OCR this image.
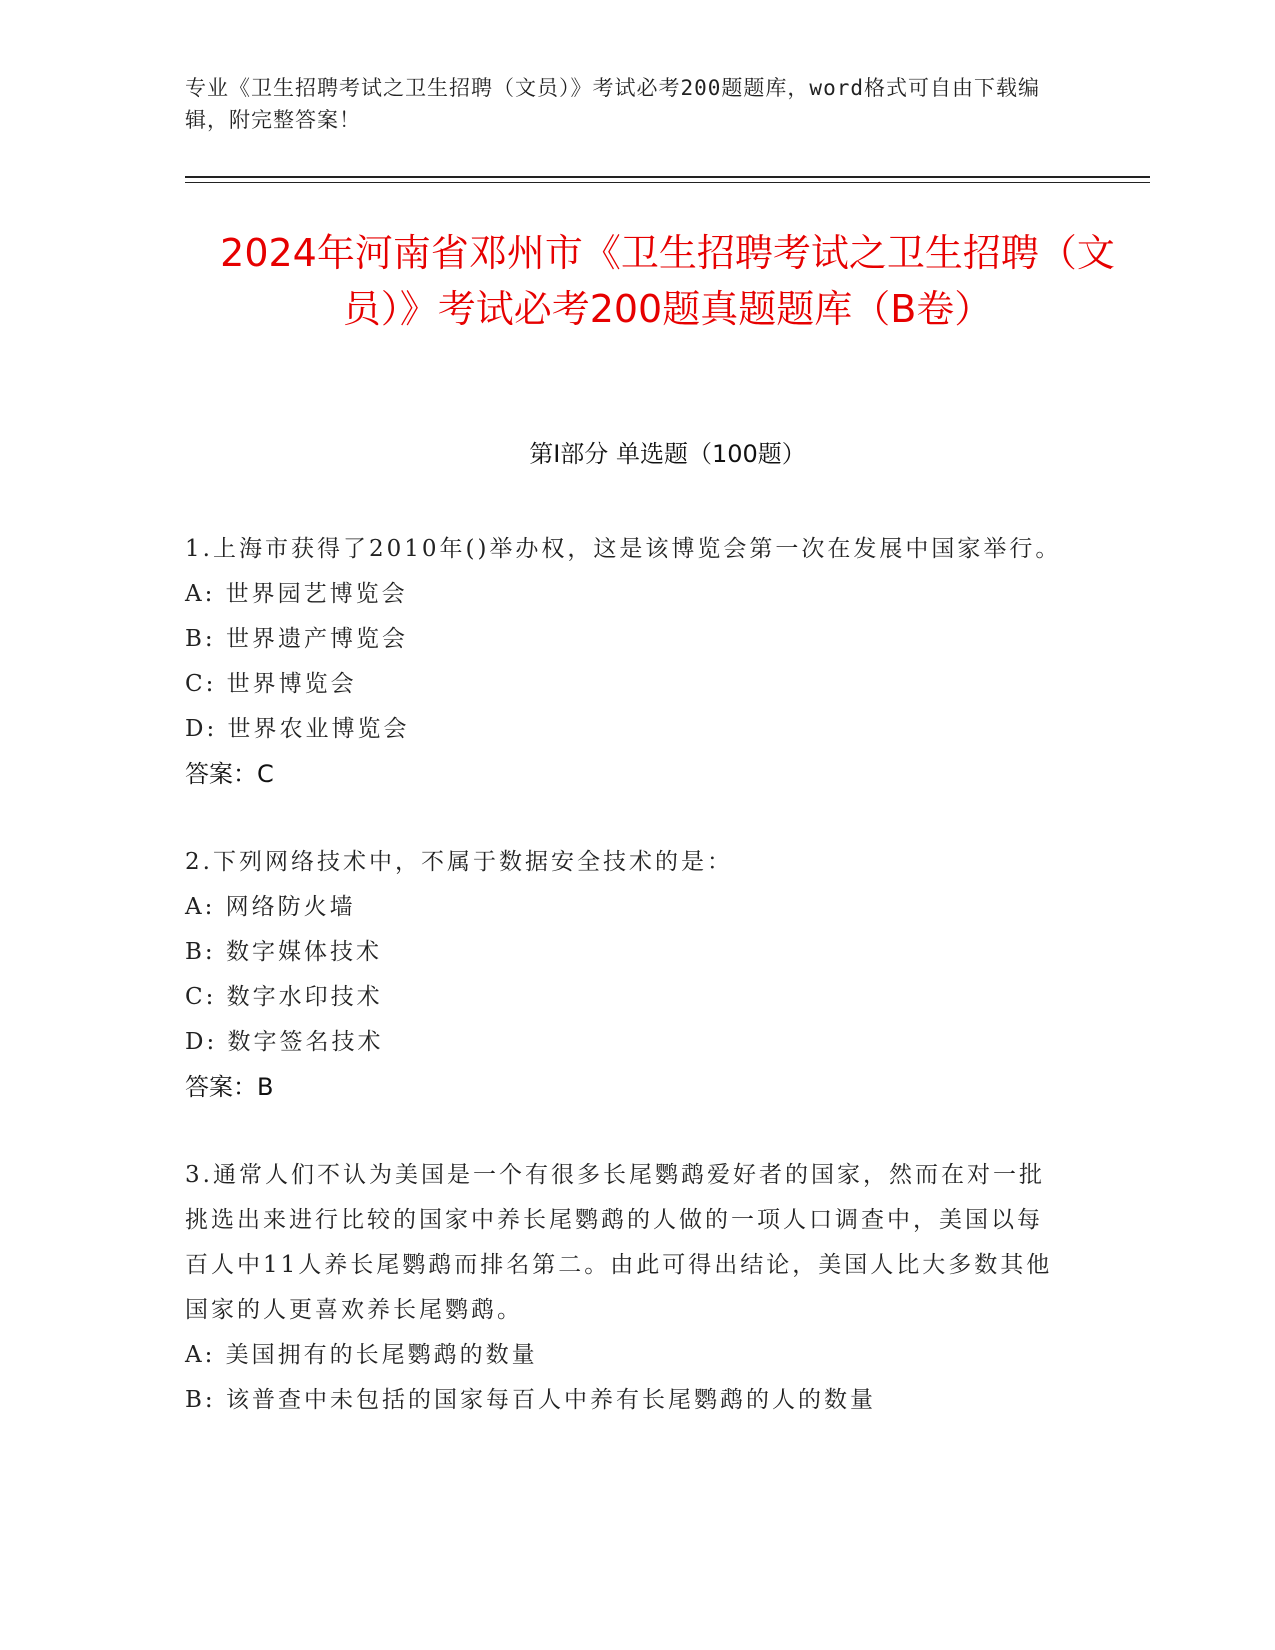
专业《卫生招聘考试之卫生招聘（文员）》考试必考200题题库，word格式可自由下载编辑，附完整答案！
2024年河南省邓州市《卫生招聘考试之卫生招聘（文员）》考试必考200题真题题库（B卷）
第I部分 单选题（100题）

1.上海市获得了2010年()举办权，这是该博览会第一次在发展中国家举行。

A: 世界园艺博览会

B: 世界遗产博览会

C: 世界博览会

D: 世界农业博览会

答案：C

2.下列网络技术中，不属于数据安全技术的是：

A: 网络防火墙

B: 数字媒体技术

C: 数字水印技术

D: 数字签名技术

答案：B

3.通常人们不认为美国是一个有很多长尾鹦鹉爱好者的国家，然而在对一批挑选出来进行比较的国家中养长尾鹦鹉的人做的一项人口调查中，美国以每百人中11人养长尾鹦鹉而排名第二。由此可得出结论，美国人比大多数其他国家的人更喜欢养长尾鹦鹉。

A: 美国拥有的长尾鹦鹉的数量

B: 该普查中未包括的国家每百人中养有长尾鹦鹉的人的数量
